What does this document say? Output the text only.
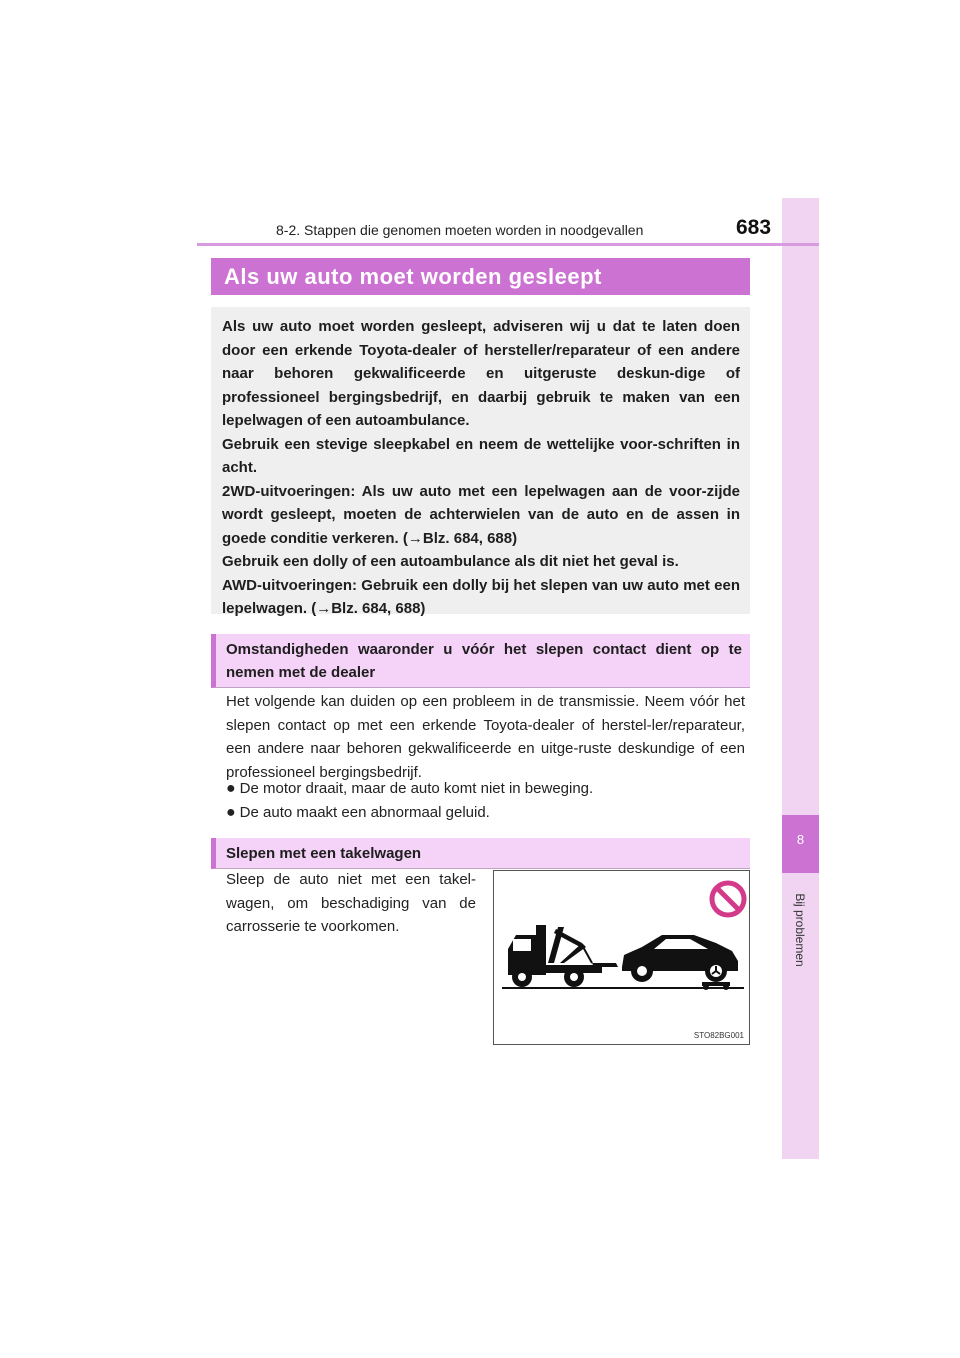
8
Bij problemen
8-2. Stappen die genomen moeten worden in noodgevallen	683
Als uw auto moet worden gesleept

Als uw auto moet worden gesleept, adviseren wij u dat te laten doen door een erkende Toyota-dealer of hersteller/reparateur of een andere naar behoren gekwalificeerde en uitgeruste deskun-dige of professioneel bergingsbedrijf, en daarbij gebruik te maken van een lepelwagen of een autoambulance.

Gebruik een stevige sleepkabel en neem de wettelijke voor-schriften in acht.

2WD-uitvoeringen: Als uw auto met een lepelwagen aan de voor-zijde wordt gesleept, moeten de achterwielen van de auto en de assen in goede conditie verkeren. (→Blz. 684, 688)

Gebruik een dolly of een autoambulance als dit niet het geval is.

AWD-uitvoeringen: Gebruik een dolly bij het slepen van uw auto met een lepelwagen. (→Blz. 684, 688)

Omstandigheden waaronder u vóór het slepen contact dient op te nemen met de dealer

Het volgende kan duiden op een probleem in de transmissie. Neem vóór het slepen contact op met een erkende Toyota-dealer of herstel-ler/reparateur, een andere naar behoren gekwalificeerde en uitge-ruste deskundige of een professioneel bergingsbedrijf.

● De motor draait, maar de auto komt niet in beweging.
● De auto maakt een abnormaal geluid.
Slepen met een takelwagen

Sleep de auto niet met een takel-wagen, om beschadiging van de carrosserie te voorkomen.

STO82BG001
